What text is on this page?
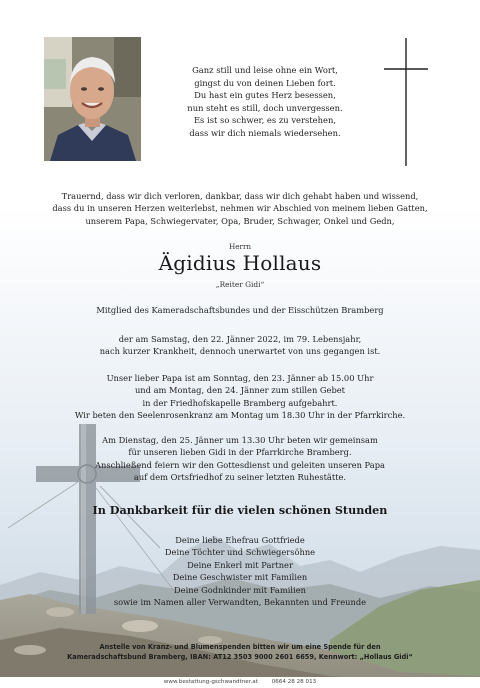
Ganz still und leise ohne ein Wort,
gingst du von deinen Lieben fort.
Du hast ein gutes Herz besessen,
nun steht es still, doch unvergessen.
Es ist so schwer, es zu verstehen,
dass wir dich niemals wiedersehen.
Trauernd, dass wir dich verloren, dankbar, dass wir dich gehabt haben und wissend,
dass du in unseren Herzen weiterlebst, nehmen wir Abschied von meinem lieben Gatten,
unserem Papa, Schwiegervater, Opa, Bruder, Schwager, Onkel und Gedn,
Herrn
Ägidius Hollaus
„Reiter Gidi“
Mitglied des Kameradschaftsbundes und der Eisschützen Bramberg
der am Samstag, den 22. Jänner 2022, im 79. Lebensjahr,
nach kurzer Krankheit, dennoch unerwartet von uns gegangen ist.
Unser lieber Papa ist am Sonntag, den 23. Jänner ab 15.00 Uhr
und am Montag, den 24. Jänner zum stillen Gebet
in der Friedhofskapelle Bramberg aufgebahrt.
Wir beten den Seelenrosenkranz am Montag um 18.30 Uhr in der Pfarrkirche.
Am Dienstag, den 25. Jänner um 13.30 Uhr beten wir gemeinsam
für unseren lieben Gidi in der Pfarrkirche Bramberg.
Anschließend feiern wir den Gottesdienst und geleiten unseren Papa
auf dem Ortsfriedhof zu seiner letzten Ruhestätte.
In Dankbarkeit für die vielen schönen Stunden
Deine liebe Ehefrau Gottfriede
Deine Töchter und Schwiegersöhne
Deine Enkerl mit Partner
Deine Geschwister mit Familien
Deine Godnkinder mit Familien
sowie im Namen aller Verwandten, Bekannten und Freunde
Anstelle von Kranz- und Blumenspenden bitten wir um eine Spende für den
Kameradschaftsbund Bramberg, IBAN: AT12 3503 9000 2601 6659, Kennwort: „Hollaus Gidi“
www.bestattung-gschwandtner.at 0664 28 28 013
